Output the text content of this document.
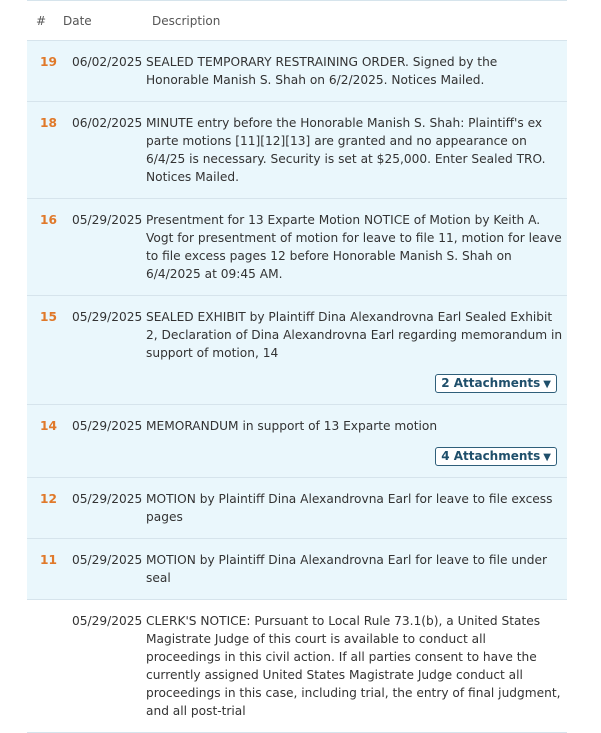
# Date	Description
19 06/02/2025 SEALED TEMPORARY RESTRAINING ORDER. Signed by the Honorable Manish S. Shah on 6/2/2025. Notices Mailed.
18 06/02/2025 MINUTE entry before the Honorable Manish S. Shah: Plaintiff's ex parte motions [11][12][13] are granted and no appearance on 6/4/25 is necessary. Security is set at $25,000. Enter Sealed TRO. Notices Mailed.
16 05/29/2025 Presentment for 13 Exparte Motion NOTICE of Motion by Keith A. Vogt for presentment of motion for leave to file 11, motion for leave to file excess pages 12 before Honorable Manish S. Shah on 6/4/2025 at 09:45 AM.
15 05/29/2025 SEALED EXHIBIT by Plaintiff Dina Alexandrovna Earl Sealed Exhibit 2, Declaration of Dina Alexandrovna Earl regarding memorandum in support of motion, 14
2 Attachments ▼
14 05/29/2025 MEMORANDUM in support of 13 Exparte motion
4 Attachments ▼
12 05/29/2025 MOTION by Plaintiff Dina Alexandrovna Earl for leave to file excess pages
11 05/29/2025 MOTION by Plaintiff Dina Alexandrovna Earl for leave to file under seal
05/29/2025 CLERK'S NOTICE: Pursuant to Local Rule 73.1(b), a United States Magistrate Judge of this court is available to conduct all proceedings in this civil action. If all parties consent to have the currently assigned United States Magistrate Judge conduct all proceedings in this case, including trial, the entry of final judgment, and all post-trial
